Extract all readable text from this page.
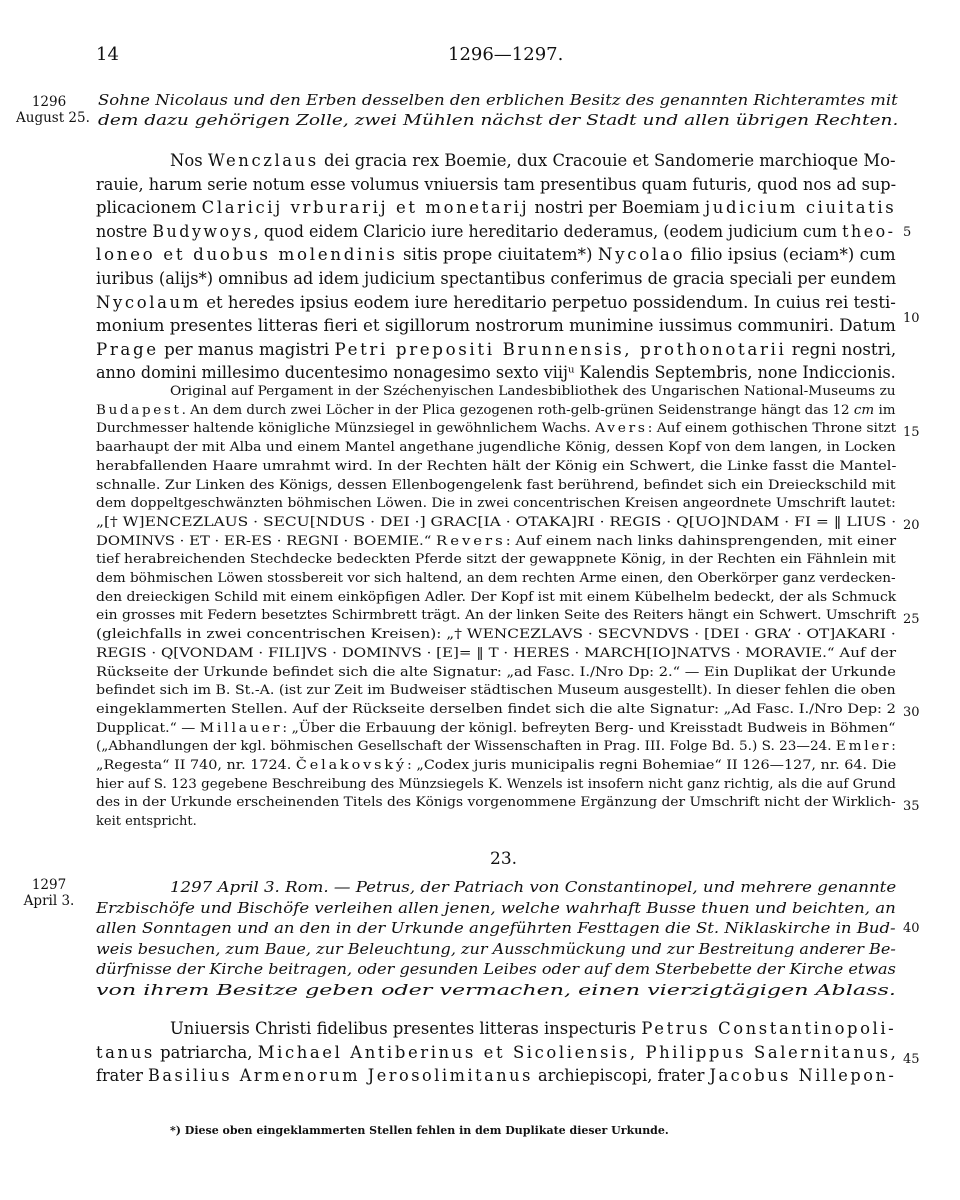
14	1296—1297.
1296
August 25.
Sohne Nicolaus und den Erben desselben den erblichen Besitz des genannten Richteramtes mit
dem dazu gehörigen Zolle, zwei Mühlen nächst der Stadt und allen übrigen Rechten.
Nos Wenczlaus dei gracia rex Boemie, dux Cracouie et Sandomerie marchioque Mo-
rauie, harum serie notum esse volumus vniuersis tam presentibus quam futuris, quod nos ad sup-
plicacionem Claricij vrburarij et monetarij nostri per Boemiam judicium ciuitatis
nostre Budywoys, quod eidem Claricio iure hereditario dederamus, (eodem judicium cum theo-
loneo et duobus molendinis sitis prope ciuitatem*) Nycolao filio ipsius (eciam*) cum
iuribus (alijs*) omnibus ad idem judicium spectantibus conferimus de gracia speciali per eundem
Nycolaum et heredes ipsius eodem iure hereditario perpetuo possidendum. In cuius rei testi-
monium presentes litteras fieri et sigillorum nostrorum munimine iussimus communiri. Datum
Prage per manus magistri Petri prepositi Brunnensis, prothonotarii regni nostri,
anno domini millesimo ducentesimo nonagesimo sexto viijᵘ Kalendis Septembris, none Indiccionis.
Original auf Pergament in der Széchenyischen Landesbibliothek des Ungarischen National-Museums zu
Budapest. An dem durch zwei Löcher in der Plica gezogenen roth-gelb-grünen Seidenstrange hängt das 12 cm im
Durchmesser haltende königliche Münzsiegel in gewöhnlichem Wachs. Avers: Auf einem gothischen Throne sitzt
baarhaupt der mit Alba und einem Mantel angethane jugendliche König, dessen Kopf von dem langen, in Locken
herabfallenden Haare umrahmt wird. In der Rechten hält der König ein Schwert, die Linke fasst die Mantel-
schnalle. Zur Linken des Königs, dessen Ellenbogengelenk fast berührend, befindet sich ein Dreieckschild mit
dem doppeltgeschwänzten böhmischen Löwen. Die in zwei concentrischen Kreisen angeordnete Umschrift lautet:
„[† W]ENCEZLAUS · SECU[NDUS · DEI ·] GRAC[IA · OTAKA]RI · REGIS · Q[UO]NDAM · FI = ‖ LIUS ·
DOMINVS · ET · ER-ES · REGNI · BOEMIE.“ Revers: Auf einem nach links dahinsprengenden, mit einer
tief herabreichenden Stechdecke bedeckten Pferde sitzt der gewappnete König, in der Rechten ein Fähnlein mit
dem böhmischen Löwen stossbereit vor sich haltend, an dem rechten Arme einen, den Oberkörper ganz verdecken-
den dreieckigen Schild mit einem einköpfigen Adler. Der Kopf ist mit einem Kübelhelm bedeckt, der als Schmuck
ein grosses mit Federn besetztes Schirmbrett trägt. An der linken Seite des Reiters hängt ein Schwert. Umschrift
(gleichfalls in zwei concentrischen Kreisen): „† WENCEZLAVS · SECVNDVS · [DEI · GRA’ · OT]AKARI ·
REGIS · Q[VONDAM · FILI]VS · DOMINVS · [E]= ‖ T · HERES · MARCH[IO]NATVS · MORAVIE.“ Auf der
Rückseite der Urkunde befindet sich die alte Signatur: „ad Fasc. I./Nro Dp: 2.“ — Ein Duplikat der Urkunde
befindet sich im B. St.-A. (ist zur Zeit im Budweiser städtischen Museum ausgestellt). In dieser fehlen die oben
eingeklammerten Stellen. Auf der Rückseite derselben findet sich die alte Signatur: „Ad Fasc. I./Nro Dep: 2
Dupplicat.“ — Millauer: „Über die Erbauung der königl. befreyten Berg- und Kreisstadt Budweis in Böhmen“
(„Abhandlungen der kgl. böhmischen Gesellschaft der Wissenschaften in Prag. III. Folge Bd. 5.) S. 23—24. Emler:
„Regesta“ II 740, nr. 1724. Čelakovský: „Codex juris municipalis regni Bohemiae“ II 126—127, nr. 64. Die
hier auf S. 123 gegebene Beschreibung des Münzsiegels K. Wenzels ist insofern nicht ganz richtig, als die auf Grund
des in der Urkunde erscheinenden Titels des Königs vorgenommene Ergänzung der Umschrift nicht der Wirklich-
keit entspricht.
23.
1297
April 3.
1297 April 3. Rom. — Petrus, der Patriach von Constantinopel, und mehrere genannte
Erzbischöfe und Bischöfe verleihen allen jenen, welche wahrhaft Busse thuen und beichten, an
allen Sonntagen und an den in der Urkunde angeführten Festtagen die St. Niklaskirche in Bud-
weis besuchen, zum Baue, zur Beleuchtung, zur Ausschmückung und zur Bestreitung anderer Be-
dürfnisse der Kirche beitragen, oder gesunden Leibes oder auf dem Sterbebette der Kirche etwas
von ihrem Besitze geben oder vermachen, einen vierzigtägigen Ablass.
Uniuersis Christi fidelibus presentes litteras inspecturis Petrus Constantinopoli-
tanus patriarcha, Michael Antiberinus et Sicoliensis, Philippus Salernitanus,
frater Basilius Armenorum Jerosolimitanus archiepiscopi, frater Jacobus Nillepon-
5
10
15
20
25
30
35
40
45
*) Diese oben eingeklammerten Stellen fehlen in dem Duplikate dieser Urkunde.
